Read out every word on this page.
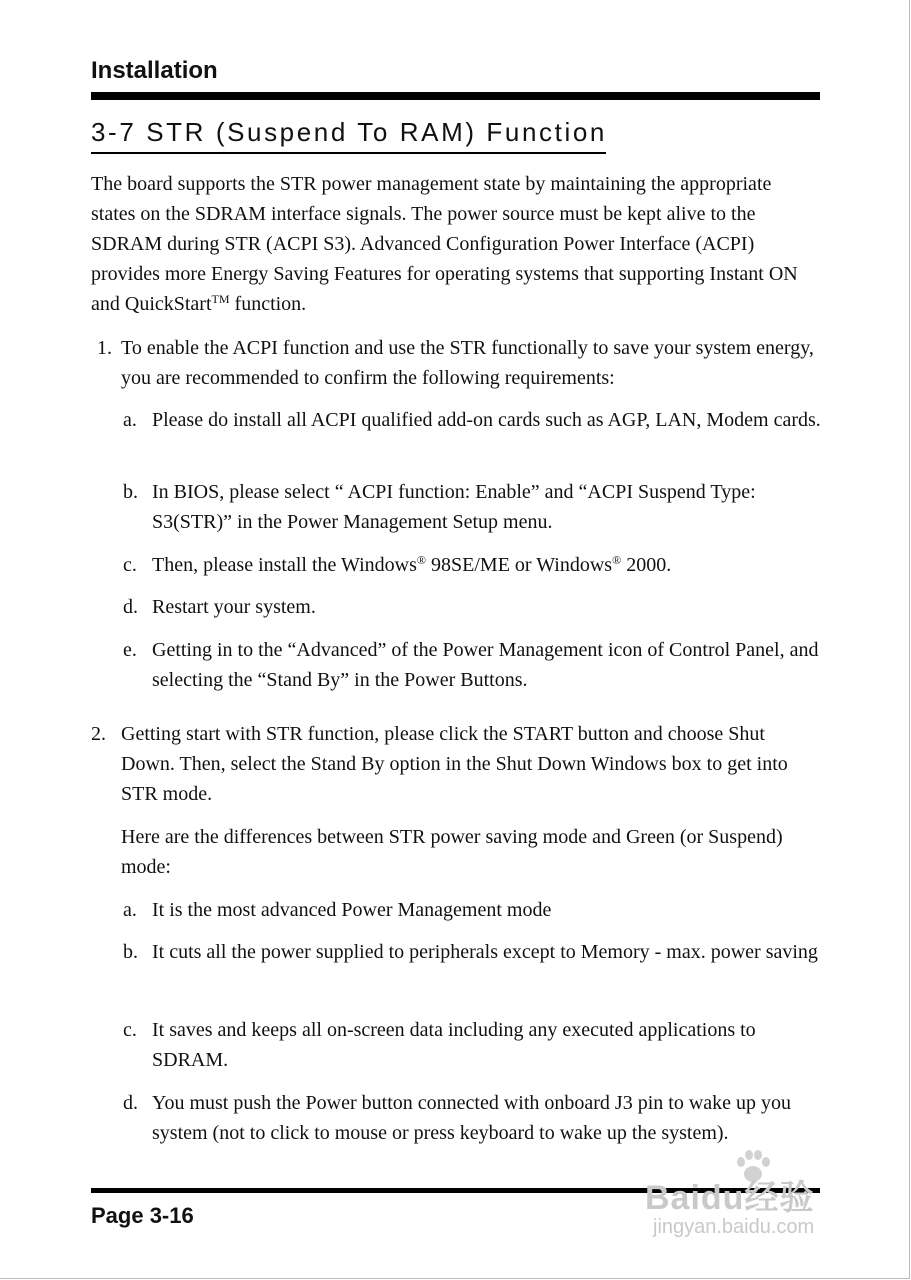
Installation
3-7 STR (Suspend To RAM) Function

The board supports the STR power management state by maintaining the appropriate states on the SDRAM interface signals. The power source must be kept alive to the SDRAM during STR (ACPI S3). Advanced Configuration Power Interface (ACPI) provides more Energy Saving Features for operating systems that supporting Instant ON and QuickStart™ function.

1. To enable the ACPI function and use the STR functionally to save your system energy, you are recommended to confirm the following requirements:

a. Please do install all ACPI qualified add-on cards such as AGP, LAN, Modem cards.

b. In BIOS, please select “ ACPI function: Enable” and “ACPI Suspend Type: S3(STR)” in the Power Management Setup menu.

c. Then, please install the Windows® 98SE/ME or Windows® 2000.

d. Restart your system.

e. Getting in to the “Advanced” of the Power Management icon of Control Panel, and selecting the “Stand By” in the Power Buttons.

2. Getting start with STR function, please click the START button and choose Shut Down. Then, select the Stand By option in the Shut Down Windows box to get into STR mode.

Here are the differences between STR power saving mode and Green (or Suspend) mode:

a. It is the most advanced Power Management mode

b. It cuts all the power supplied to peripherals except to Memory - max. power saving

c. It saves and keeps all on-screen data including any executed applications to SDRAM.

d. You must push the Power button connected with onboard J3 pin to wake up you system (not to click to mouse or press keyboard to wake up the system).

Page 3-16	Baidu经验
jingyan.baidu.com
